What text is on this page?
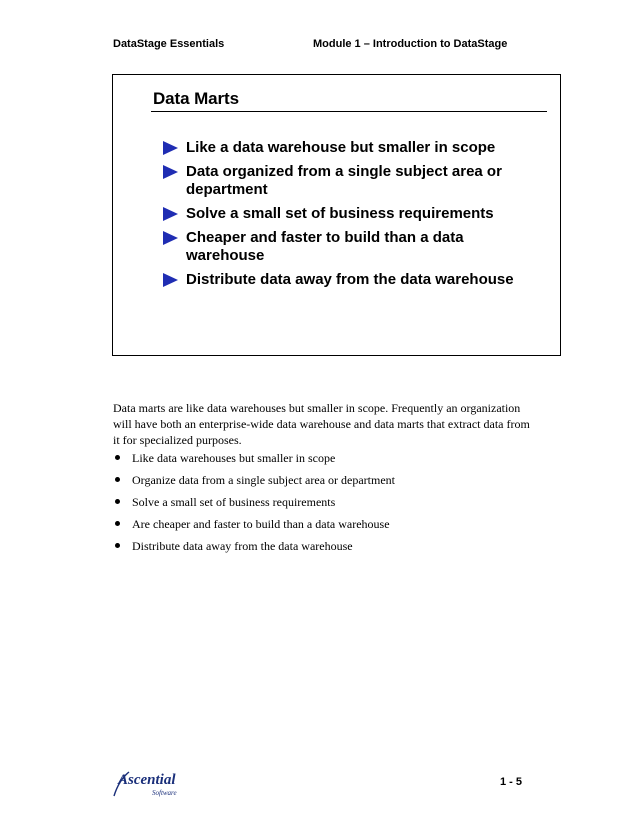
DataStage Essentials	Module 1 – Introduction to DataStage
Data Marts
Like a data warehouse but smaller in scope
Data organized from a single subject area or department
Solve a small set of business requirements
Cheaper and faster to build than a data warehouse
Distribute data away from the data warehouse

Data marts are like data warehouses but smaller in scope. Frequently an organization will have both an enterprise-wide data warehouse and data marts that extract data from it for specialized purposes.

Like data warehouses but smaller in scope
Organize data from a single subject area or department
Solve a small set of business requirements
Are cheaper and faster to build than a data warehouse
Distribute data away from the data warehouse
Ascential
Software
1 - 5
